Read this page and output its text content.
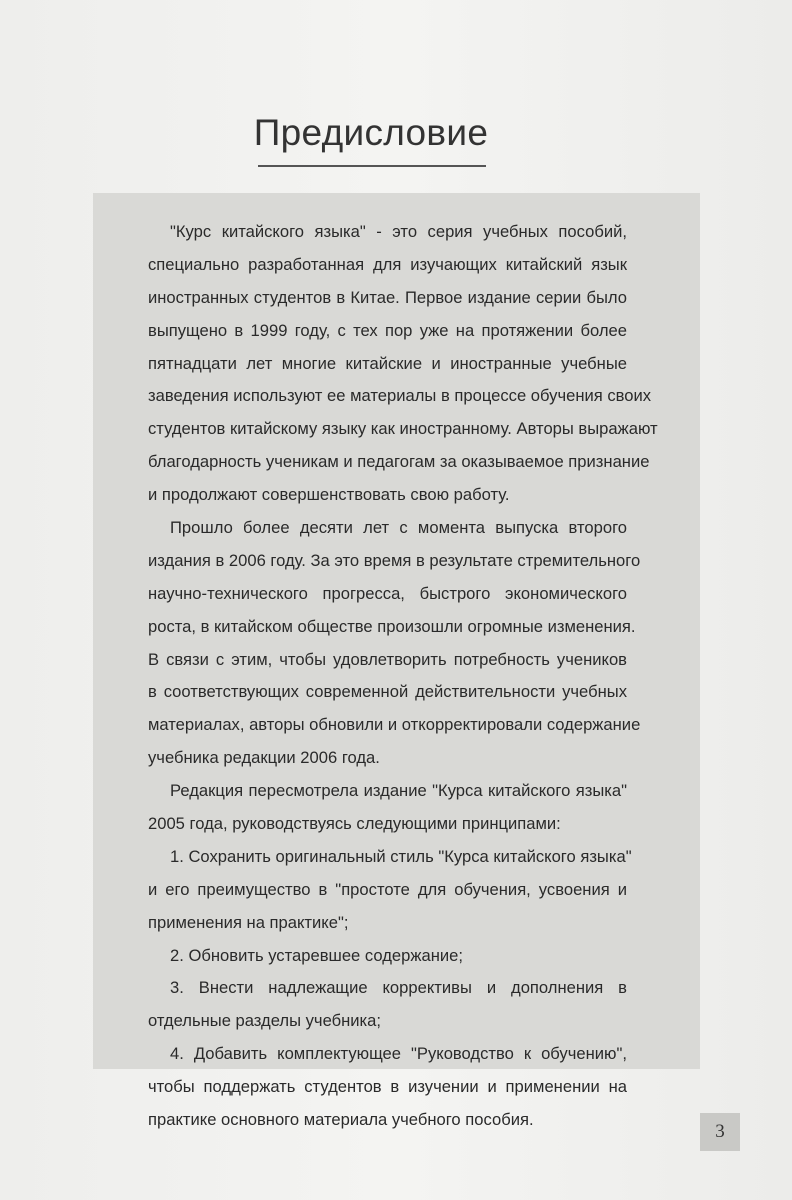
Предисловие
"Курс китайского языка" - это серия учебных пособий,
специально разработанная для изучающих китайский язык
иностранных студентов в Китае. Первое издание серии было
выпущено в 1999 году, с тех пор уже на протяжении более
пятнадцати лет многие китайские и иностранные учебные
заведения используют ее материалы в процессе обучения своих
студентов китайскому языку как иностранному. Авторы выражают
благодарность ученикам и педагогам за оказываемое признание
и продолжают совершенствовать свою работу.
Прошло более десяти лет с момента выпуска второго
издания в 2006 году. За это время в результате стремительного
научно-технического прогресса, быстрого экономического
роста, в китайском обществе произошли огромные изменения.
В связи с этим, чтобы удовлетворить потребность учеников
в соответствующих современной действительности учебных
материалах, авторы обновили и откорректировали содержание
учебника редакции 2006 года.
Редакция пересмотрела издание "Курса китайского языка"
2005 года, руководствуясь следующими принципами:
1. Сохранить оригинальный стиль "Курса китайского языка"
и его преимущество в "простоте для обучения, усвоения и
применения на практике";
2. Обновить устаревшее содержание;
3. Внести надлежащие коррективы и дополнения в
отдельные разделы учебника;
4. Добавить комплектующее "Руководство к обучению",
чтобы поддержать студентов в изучении и применении на
практике основного материала учебного пособия.
3
